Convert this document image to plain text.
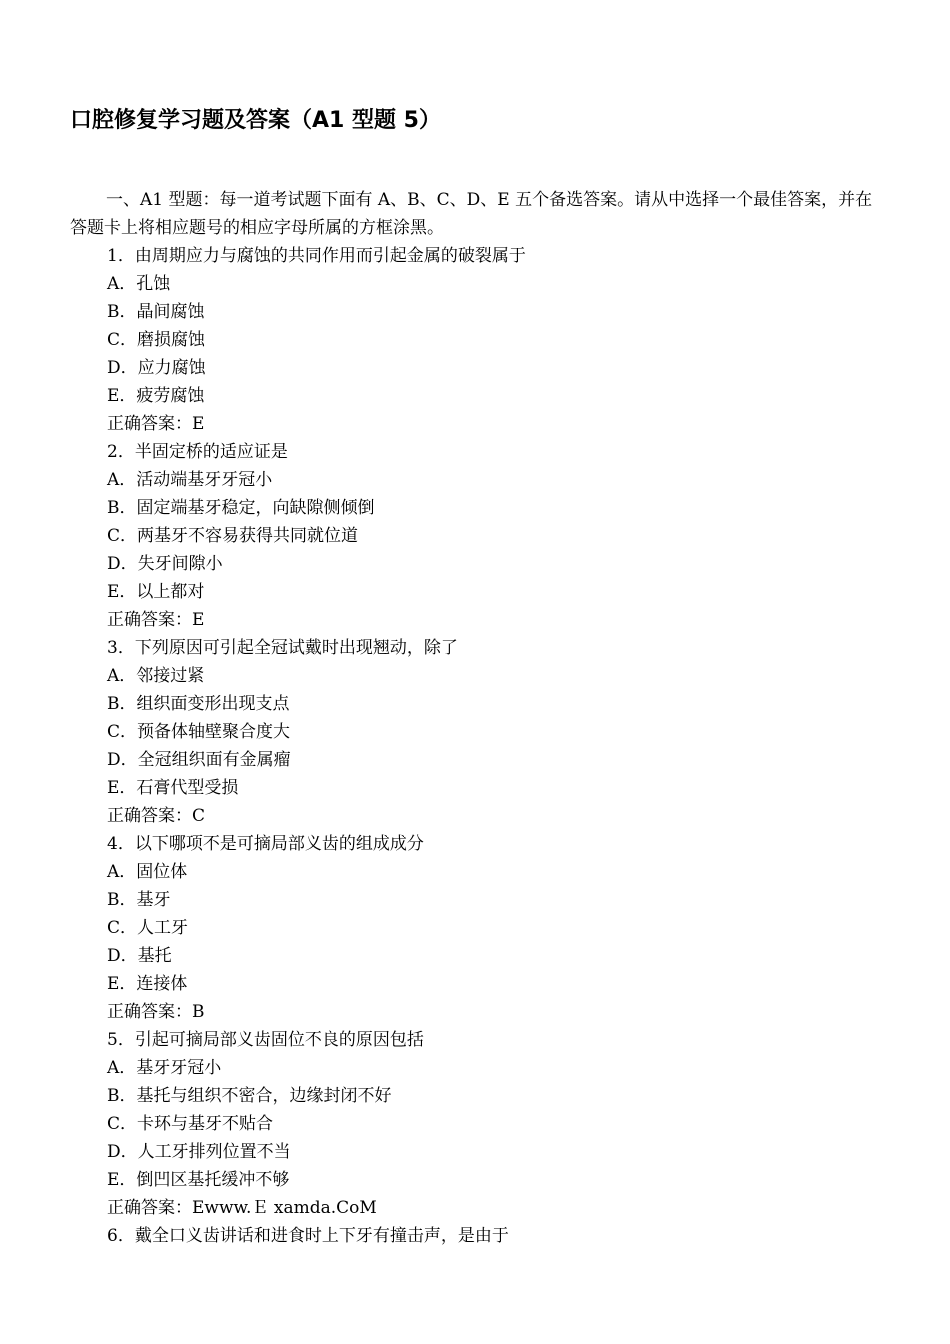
口腔修复学习题及答案（A1 型题 5）
一、A1 型题：每一道考试题下面有 A、B、C、D、E 五个备选答案。请从中选择一个最佳答案，并在答题卡上将相应题号的相应字母所属的方框涂黑。
1．由周期应力与腐蚀的共同作用而引起金属的破裂属于
A．孔蚀
B．晶间腐蚀
C．磨损腐蚀
D．应力腐蚀
E．疲劳腐蚀
正确答案：E
2．半固定桥的适应证是
A．活动端基牙牙冠小
B．固定端基牙稳定，向缺隙侧倾倒
C．两基牙不容易获得共同就位道
D．失牙间隙小
E．以上都对
正确答案：E
3．下列原因可引起全冠试戴时出现翘动，除了
A．邻接过紧
B．组织面变形出现支点
C．预备体轴壁聚合度大
D．全冠组织面有金属瘤
E．石膏代型受损
正确答案：C
4．以下哪项不是可摘局部义齿的组成成分
A．固位体
B．基牙
C．人工牙
D．基托
E．连接体
正确答案：B
5．引起可摘局部义齿固位不良的原因包括
A．基牙牙冠小
B．基托与组织不密合，边缘封闭不好
C．卡环与基牙不贴合
D．人工牙排列位置不当
E．倒凹区基托缓冲不够
正确答案：Ewww.Ｅ xamda.CoM
6．戴全口义齿讲话和进食时上下牙有撞击声，是由于
